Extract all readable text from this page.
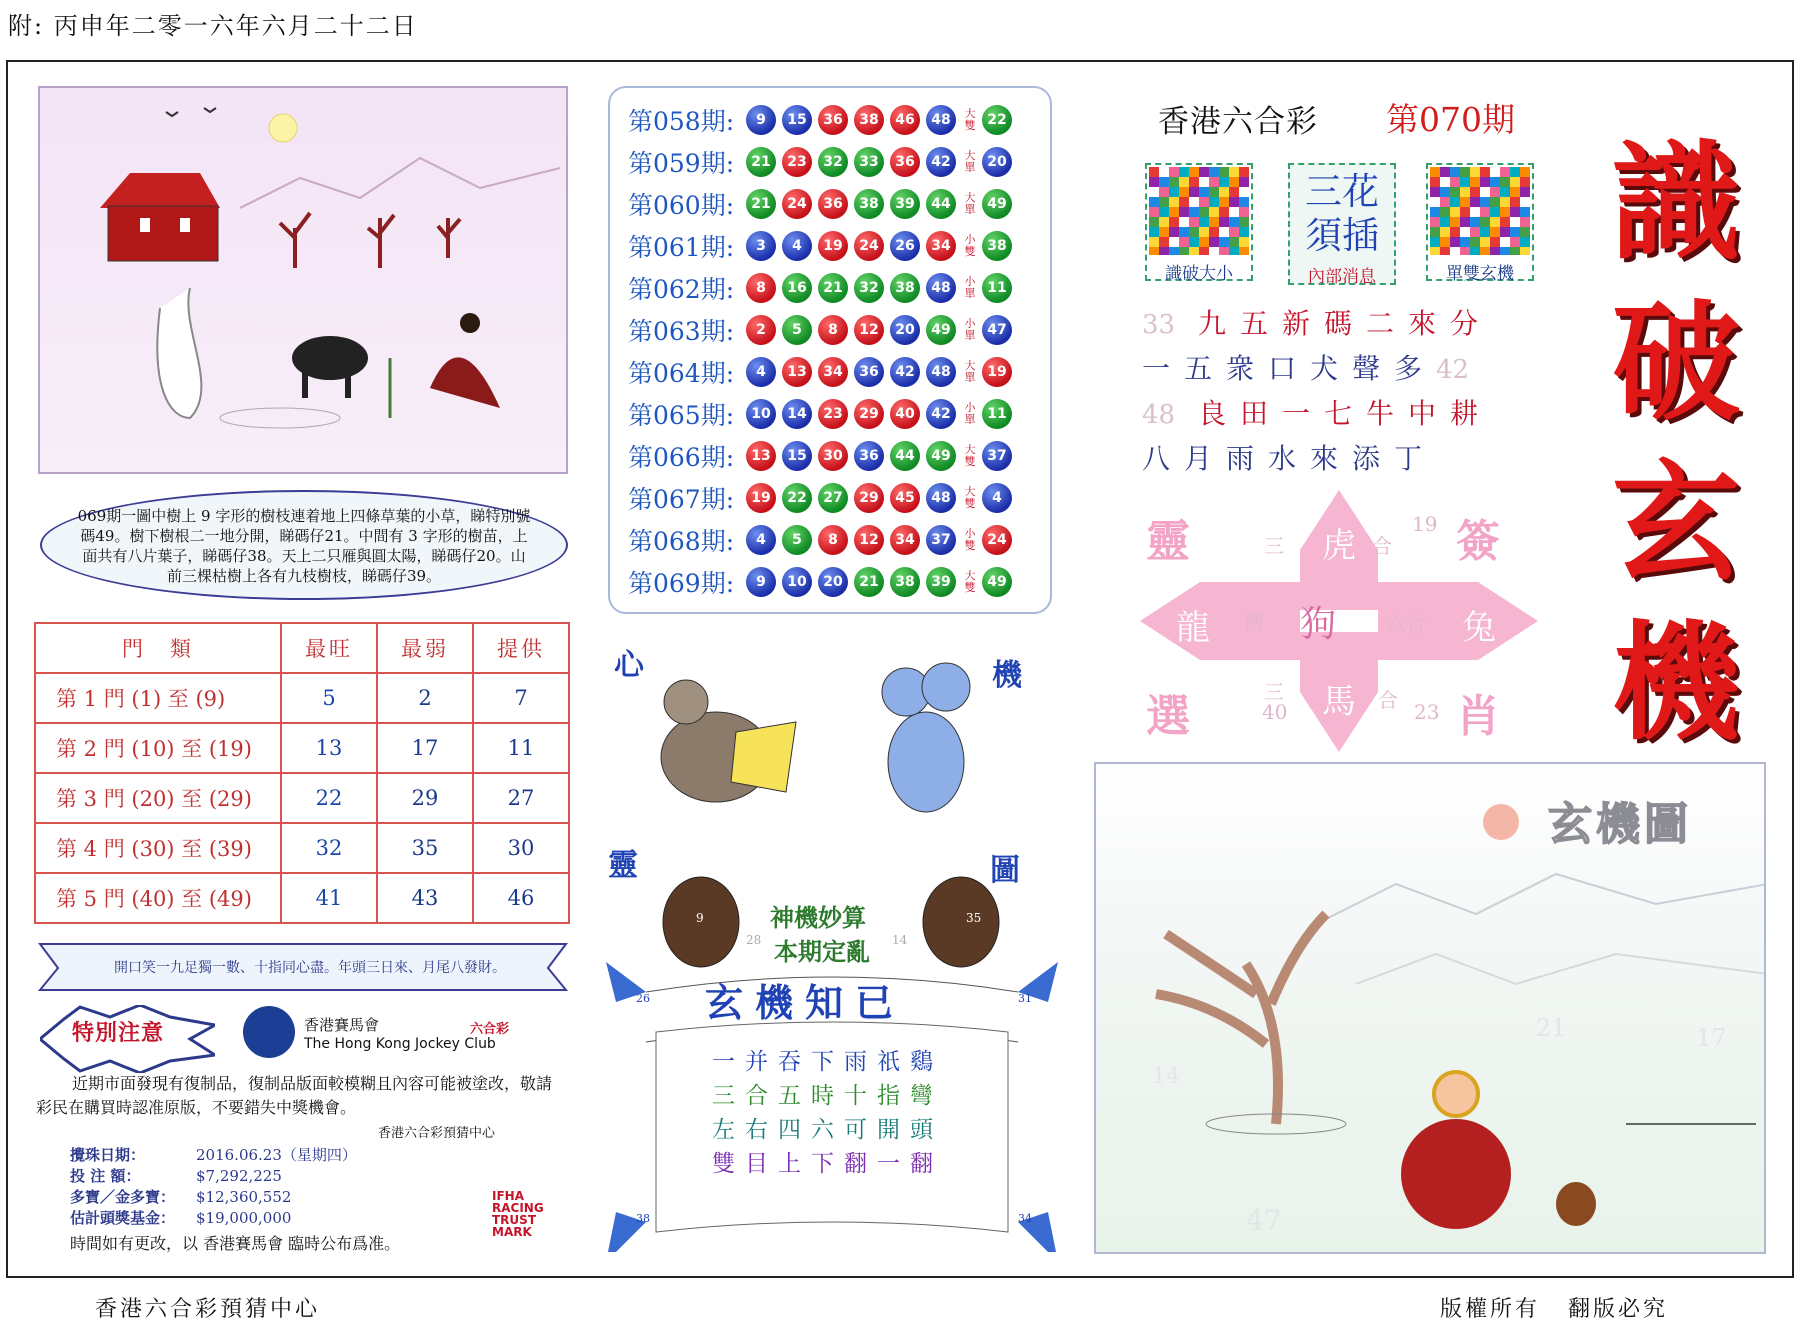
附: 丙申年二零一六年六月二十二日
069期一圖中樹上 9 字形的樹枝連着地上四條草葉的小草，睇特別號碼49。樹下樹根二一地分開，睇碼仔21。中間有 3 字形的樹苗，上面共有八片葉子，睇碼仔38。天上二只雁與圓太陽，睇碼仔20。山前三棵枯樹上各有九枝樹枝，睇碼仔39。
門　類	最旺	最弱	提供
第 1 門 (1) 至 (9)	5	2	7
第 2 門 (10) 至 (19)	13	17	11
第 3 門 (20) 至 (29)	22	29	27
第 4 門 (30) 至 (39)	32	35	30
第 5 門 (40) 至 (49)	41	43	46
開口笑一九足獨一數、十指同心盡。年頭三日來、月尾八發財。
特別注意	香港賽馬會
The Hong Kong Jockey Club
六合彩
近期市面發現有復制品，復制品版面較模糊且內容可能被塗改，敬請彩民在購買時認准原版，不要錯失中獎機會。
香港六合彩預猜中心
攪珠日期：	2016.06.23（星期四）
投 注 額：	$7,292,225
多寶／金多寶：	$12,360,552
估計頭獎基金：	$19,000,000
時間如有更改，以 香港賽馬會 臨時公布爲准。
IFHA RACING TRUST MARK
第058期:	9	15	36	38	46	48	大雙 22
第059期:	21	23	32	33	36	42	大單 20
第060期:	21	24	36	38	39	44	大單 49
第061期:	3	4	19	24	26	34	小雙 38
第062期:	8	16	21	32	38	48	小單 11
第063期:	2	5	8	12	20	49	小單 47
第064期:	4	13	34	36	42	48	大單 19
第065期:	10	14	23	29	40	42	小單 11
第066期:	13	15	30	36	44	49	大雙 37
第067期:	19	22	27	29	45	48	大雙	4
第068期:	4	5	8	12	34	37	小雙 24
第069期:	9	10	20	21	38	39	大雙 49
9	35
28	14
26	31
38	34
心	機
靈	圖
神機妙算
本期定亂
玄機知已
一并吞下雨祇鷄
三合五時十指彎
左右四六可開頭
雙目上下翻一翻
香港六合彩 第070期
識破大小
三花須插
內部消息	單雙玄機
33 九五新碼二來分
一五衆口犬聲多42
48 良田一七牛中耕
八月雨水來添丁
識
破
玄
機
靈	簽
選	肖
虎
龍	兔
馬
狗
三	合
三	合
六合
衝
19
40	23
14
21	17
47
玄機圖
香港六合彩預猜中心	版權所有 翻版必究
